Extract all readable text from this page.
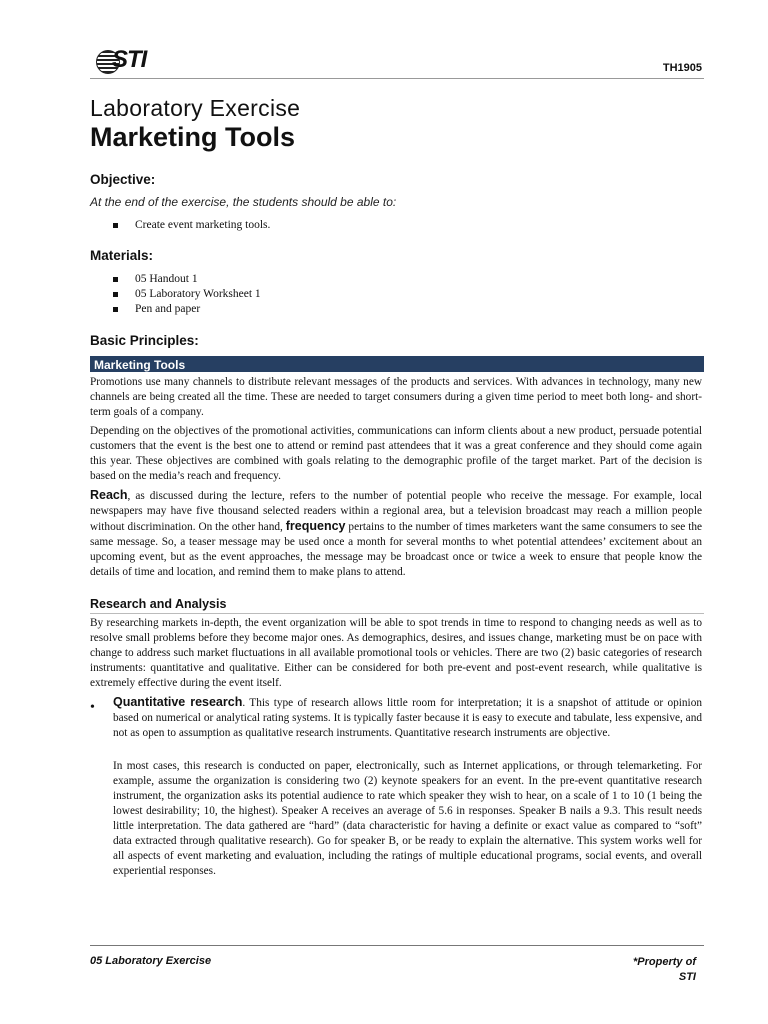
STI	TH1905
Laboratory Exercise
Marketing Tools
Objective:
At the end of the exercise, the students should be able to:
Create event marketing tools.
Materials:
05 Handout 1
05 Laboratory Worksheet 1
Pen and paper
Basic Principles:
Marketing Tools

Promotions use many channels to distribute relevant messages of the products and services. With advances in technology, many new channels are being created all the time. These are needed to target consumers during a given time period to meet both long- and short-term goals of a company.

Depending on the objectives of the promotional activities, communications can inform clients about a new product, persuade potential customers that the event is the best one to attend or remind past attendees that it was a great conference and they should come again this year. These objectives are combined with goals relating to the demographic profile of the target market. Part of the decision is based on the media’s reach and frequency.

Reach, as discussed during the lecture, refers to the number of potential people who receive the message. For example, local newspapers may have five thousand selected readers within a regional area, but a television broadcast may reach a million people without discrimination. On the other hand, frequency pertains to the number of times marketers want the same consumers to see the same message. So, a teaser message may be used once a month for several months to whet potential attendees’ excitement about an upcoming event, but as the event approaches, the message may be broadcast once or twice a week to ensure that people know the details of time and location, and remind them to make plans to attend.

Research and Analysis

By researching markets in-depth, the event organization will be able to spot trends in time to respond to changing needs as well as to resolve small problems before they become major ones. As demographics, desires, and issues change, marketing must be on pace with change to address such market fluctuations in all available promotional tools or vehicles. There are two (2) basic categories of research instruments: quantitative and qualitative. Either can be considered for both pre-event and post-event research, while qualitative is extremely effective during the event itself.

• Quantitative research. This type of research allows little room for interpretation; it is a snapshot of attitude or opinion based on numerical or analytical rating systems. It is typically faster because it is easy to execute and tabulate, less expensive, and not as open to assumption as qualitative research instruments. Quantitative research instruments are objective.

In most cases, this research is conducted on paper, electronically, such as Internet applications, or through telemarketing. For example, assume the organization is considering two (2) keynote speakers for an event. In the pre-event quantitative research instrument, the organization asks its potential audience to rate which speaker they wish to hear, on a scale of 1 to 10 (1 being the lowest desirability; 10, the highest). Speaker A receives an average of 5.6 in responses. Speaker B nails a 9.3. This result needs little interpretation. The data gathered are “hard” (data characteristic for having a definite or exact value as compared to “soft” data extracted through qualitative research). Go for speaker B, or be ready to explain the alternative. This system works well for all aspects of event marketing and evaluation, including the ratings of multiple educational programs, social events, and overall experiential responses.

05 Laboratory Exercise	*Property of
STI
